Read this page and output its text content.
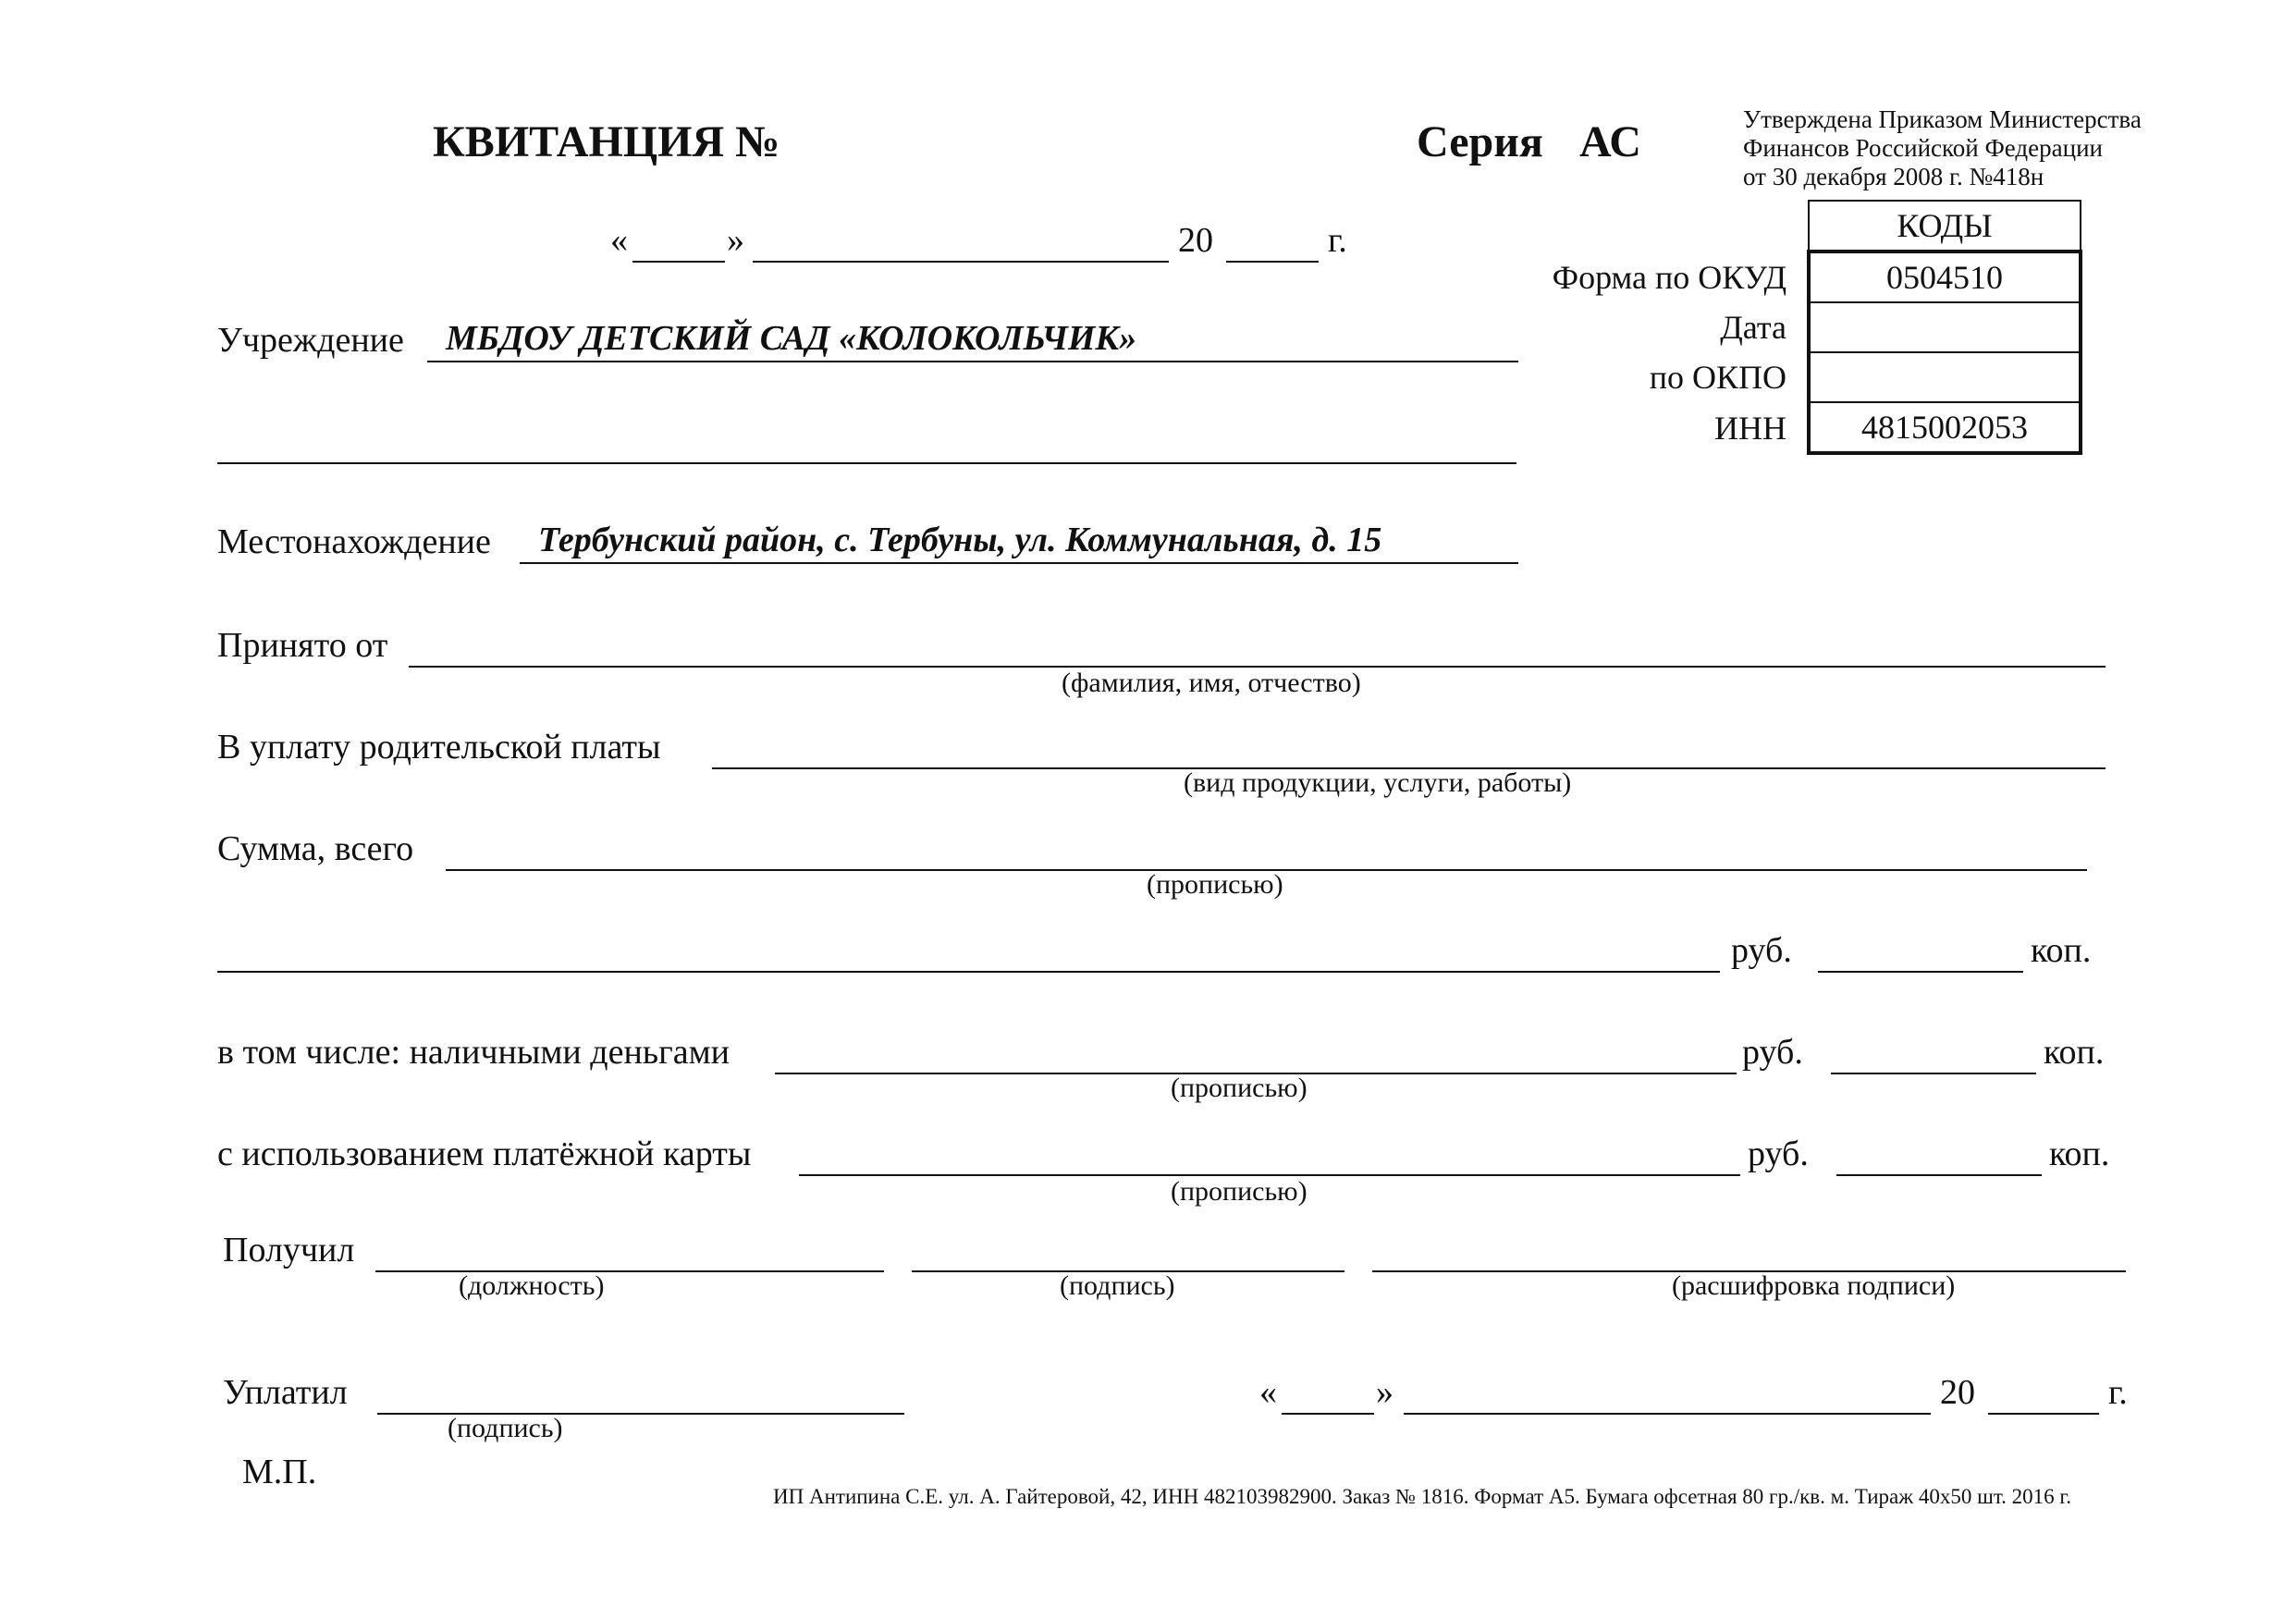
КВИТАНЦИЯ №	Серия АС	Утверждена Приказом Министерства
Финансов Российской Федерации
от 30 декабря 2008 г. №418н
«	»	20	г.
		КОДЫ
Форма по ОКУД	0504510
Дата	
по ОКПО	
ИНН	4815002053
Учреждение МБДОУ ДЕТСКИЙ САД «КОЛОКОЛЬЧИК»
Местонахождение Тербунский район, с. Тербуны, ул. Коммунальная, д. 15
Принято от
(фамилия, имя, отчество)
В уплату родительской платы
(вид продукции, услуги, работы)
Сумма, всего
(прописью)
руб.	коп.
в том числе: наличными деньгами
(прописью)
руб.	коп.
с использованием платёжной карты
(прописью)
руб.	коп.
Получил
(должность)	(подпись)	(расшифровка подписи)
Уплатил
(подпись)
«	»	20	г.
М.П.
ИП Антипина С.Е. ул. А. Гайтеровой, 42, ИНН 482103982900. Заказ № 1816. Формат А5. Бумага офсетная 80 гр./кв. м. Тираж 40х50 шт. 2016 г.
